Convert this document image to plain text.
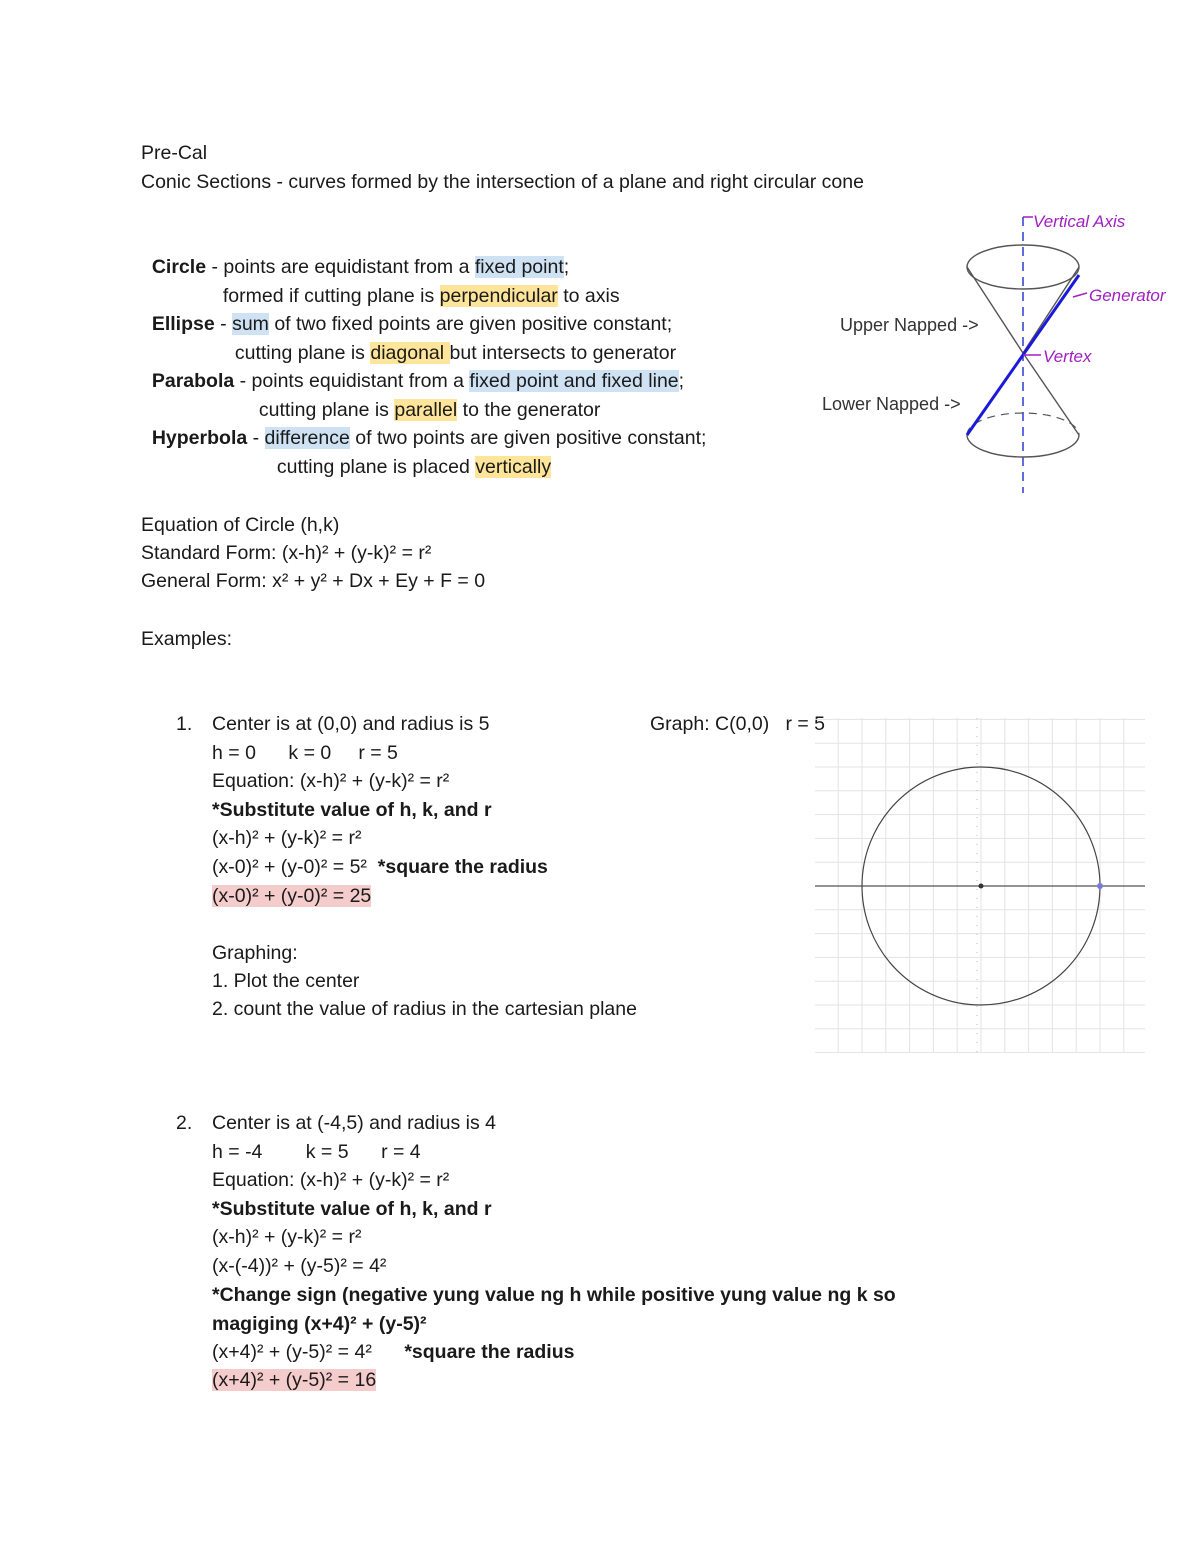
Pre-Cal
Conic Sections - curves formed by the intersection of a plane and right circular cone

Circle - points are equidistant from a fixed point;

formed if cutting plane is perpendicular to axis

Ellipse - sum of two fixed points are given positive constant;

cutting plane is diagonal but intersects to generator

Parabola - points equidistant from a fixed point and fixed line;

cutting plane is parallel to the generator

Hyperbola - difference of two points are given positive constant;

cutting plane is placed vertically

Vertical Axis
Generator
Vertex
Upper Napped ->
Lower Napped ->
Equation of Circle (h,k)
Standard Form: (x-h)² + (y-k)² = r²
General Form: x² + y² + Dx + Ey + F = 0
Examples:
1. Center is at (0,0) and radius is 5	Graph: C(0,0)   r = 5
h = 0      k = 0     r = 5
Equation: (x-h)² + (y-k)² = r²
*Substitute value of h, k, and r
(x-h)² + (y-k)² = r²
(x-0)² + (y-0)² = 5²  *square the radius
(x-0)² + (y-0)² = 25
Graphing:
1. Plot the center
2. count the value of radius in the cartesian plane
2. Center is at (-4,5) and radius is 4
h = -4        k = 5      r = 4
Equation: (x-h)² + (y-k)² = r²
*Substitute value of h, k, and r
(x-h)² + (y-k)² = r²
(x-(-4))² + (y-5)² = 4²
*Change sign (negative yung value ng h while positive yung value ng k so
magiging (x+4)² + (y-5)²
(x+4)² + (y-5)² = 4²      *square the radius
(x+4)² + (y-5)² = 16
